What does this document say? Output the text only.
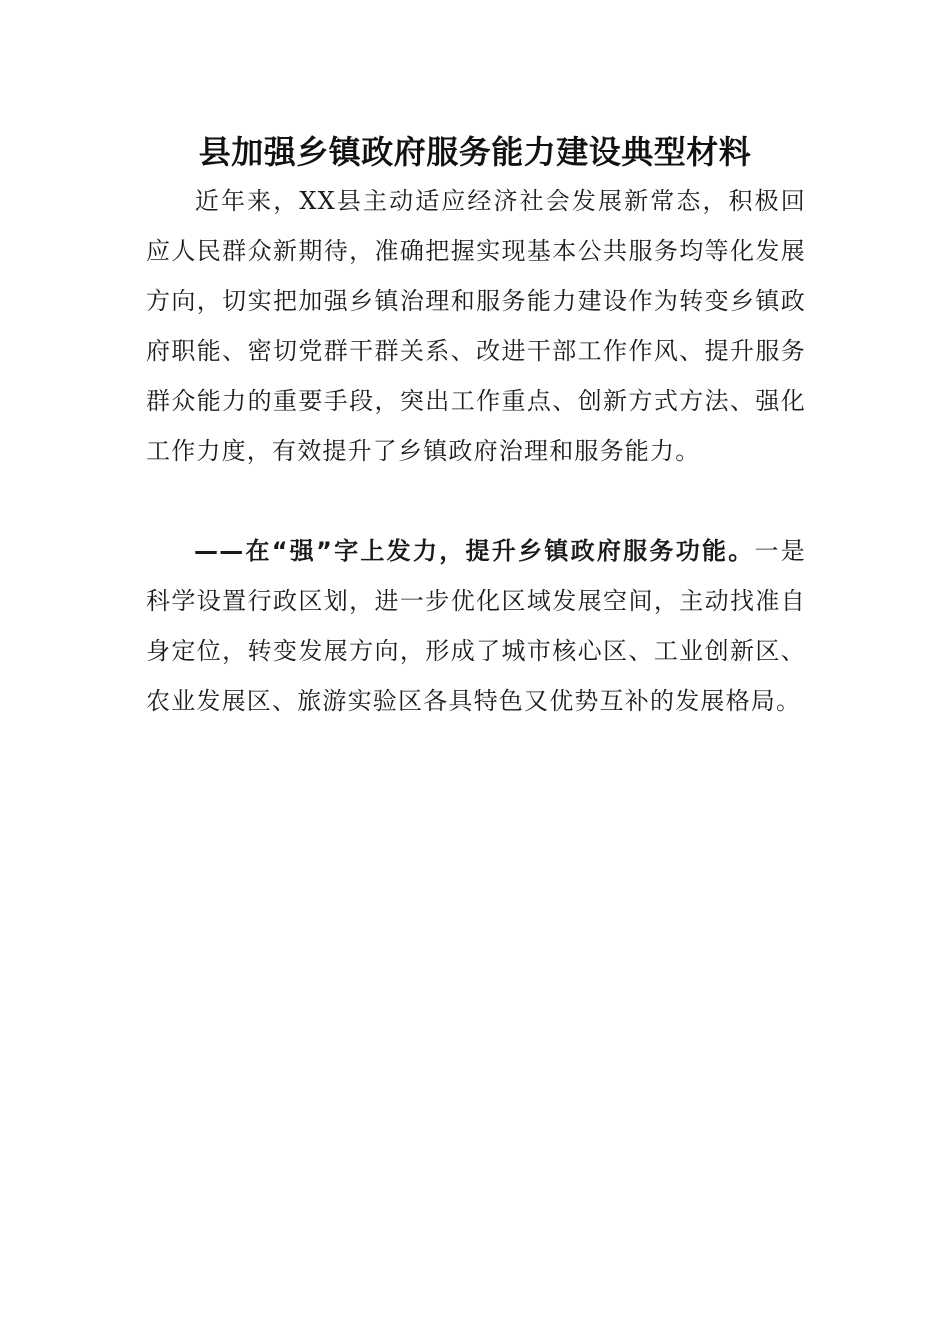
县加强乡镇政府服务能力建设典型材料

近年来，XX县主动适应经济社会发展新常态，积极回应人民群众新期待，准确把握实现基本公共服务均等化发展方向，切实把加强乡镇治理和服务能力建设作为转变乡镇政府职能、密切党群干群关系、改进干部工作作风、提升服务群众能力的重要手段，突出工作重点、创新方式方法、强化工作力度，有效提升了乡镇政府治理和服务能力。

——在“强”字上发力，提升乡镇政府服务功能。一是科学设置行政区划，进一步优化区域发展空间，主动找准自身定位，转变发展方向，形成了城市核心区、工业创新区、农业发展区、旅游实验区各具特色又优势互补的发展格局。
